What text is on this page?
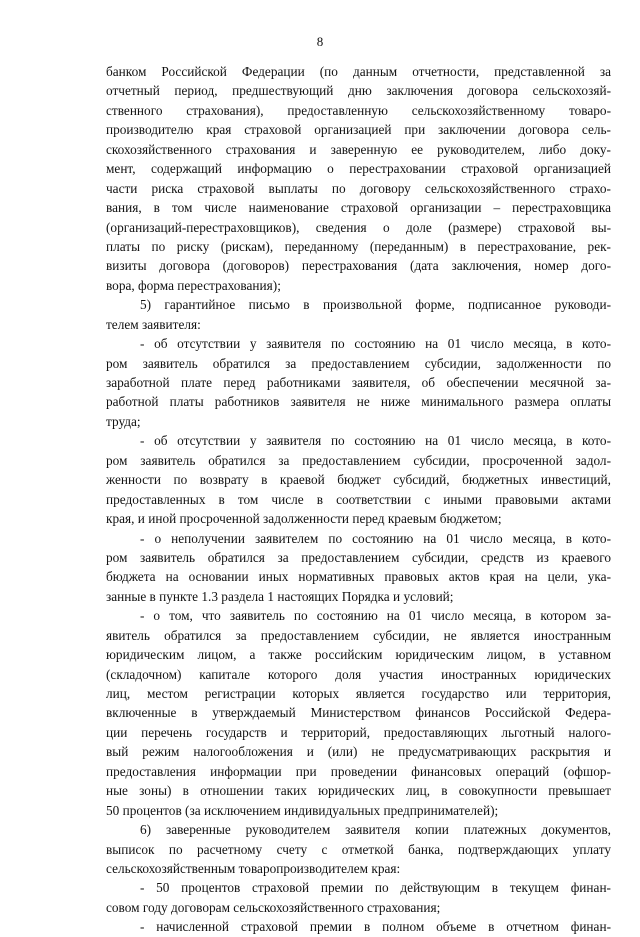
8
банком Российской Федерации (по данным отчетности, представленной за
отчетный период, предшествующий дню заключения договора сельскохозяй-
ственного страхования), предоставленную сельскохозяйственному товаро-
производителю края страховой организацией при заключении договора сель-
скохозяйственного страхования и заверенную ее руководителем, либо доку-
мент, содержащий информацию о перестраховании страховой организацией
части риска страховой выплаты по договору сельскохозяйственного страхо-
вания, в том числе наименование страховой организации – перестраховщика
(организаций-перестраховщиков), сведения о доле (размере) страховой вы-
платы по риску (рискам), переданному (переданным) в перестрахование, рек-
визиты договора (договоров) перестрахования (дата заключения, номер дого-
вора, форма перестрахования);
5) гарантийное письмо в произвольной форме, подписанное руководи-
телем заявителя:
- об отсутствии у заявителя по состоянию на 01 число месяца, в кото-
ром заявитель обратился за предоставлением субсидии, задолженности по
заработной плате перед работниками заявителя, об обеспечении месячной за-
работной платы работников заявителя не ниже минимального размера оплаты
труда;
- об отсутствии у заявителя по состоянию на 01 число месяца, в кото-
ром заявитель обратился за предоставлением субсидии, просроченной задол-
женности по возврату в краевой бюджет субсидий, бюджетных инвестиций,
предоставленных в том числе в соответствии с иными правовыми актами
края, и иной просроченной задолженности перед краевым бюджетом;
- о неполучении заявителем по состоянию на 01 число месяца, в кото-
ром заявитель обратился за предоставлением субсидии, средств из краевого
бюджета на основании иных нормативных правовых актов края на цели, ука-
занные в пункте 1.3 раздела 1 настоящих Порядка и условий;
- о том, что заявитель по состоянию на 01 число месяца, в котором за-
явитель обратился за предоставлением субсидии, не является иностранным
юридическим лицом, а также российским юридическим лицом, в уставном
(складочном) капитале которого доля участия иностранных юридических
лиц, местом регистрации которых является государство или территория,
включенные в утверждаемый Министерством финансов Российской Федера-
ции перечень государств и территорий, предоставляющих льготный налого-
вый режим налогообложения и (или) не предусматривающих раскрытия и
предоставления информации при проведении финансовых операций (офшор-
ные зоны) в отношении таких юридических лиц, в совокупности превышает
50 процентов (за исключением индивидуальных предпринимателей);
6) заверенные руководителем заявителя копии платежных документов,
выписок по расчетному счету с отметкой банка, подтверждающих уплату
сельскохозяйственным товаропроизводителем края:
- 50 процентов страховой премии по действующим в текущем финан-
совом году договорам сельскохозяйственного страхования;
- начисленной страховой премии в полном объеме в отчетном финан-
